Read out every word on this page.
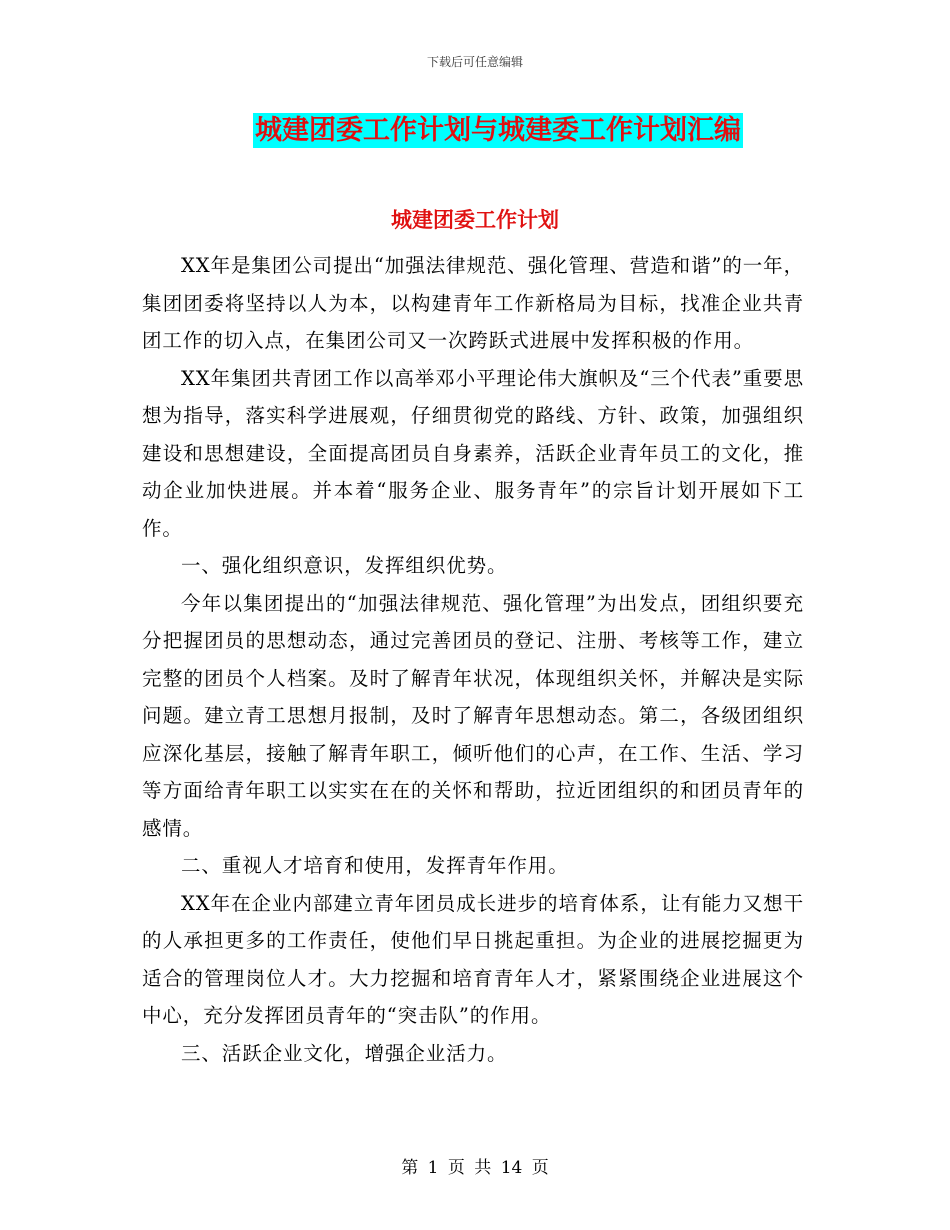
下载后可任意编辑
城建团委工作计划与城建委工作计划汇编
城建团委工作计划

XX年是集团公司提出“加强法律规范、强化管理、营造和谐”的一年，集团团委将坚持以人为本，以构建青年工作新格局为目标，找准企业共青团工作的切入点，在集团公司又一次跨跃式进展中发挥积极的作用。

XX年集团共青团工作以高举邓小平理论伟大旗帜及“三个代表”重要思想为指导，落实科学进展观，仔细贯彻党的路线、方针、政策，加强组织建设和思想建设，全面提高团员自身素养，活跃企业青年员工的文化，推动企业加快进展。并本着“服务企业、服务青年”的宗旨计划开展如下工作。

一、强化组织意识，发挥组织优势。

今年以集团提出的“加强法律规范、强化管理”为出发点，团组织要充分把握团员的思想动态，通过完善团员的登记、注册、考核等工作，建立完整的团员个人档案。及时了解青年状况，体现组织关怀，并解决是实际问题。建立青工思想月报制，及时了解青年思想动态。第二，各级团组织应深化基层，接触了解青年职工，倾听他们的心声，在工作、生活、学习等方面给青年职工以实实在在的关怀和帮助，拉近团组织的和团员青年的感情。

二、重视人才培育和使用，发挥青年作用。

XX年在企业内部建立青年团员成长进步的培育体系，让有能力又想干的人承担更多的工作责任，使他们早日挑起重担。为企业的进展挖掘更为适合的管理岗位人才。大力挖掘和培育青年人才，紧紧围绕企业进展这个中心，充分发挥团员青年的“突击队”的作用。

三、活跃企业文化，增强企业活力。

第 1 页 共 14 页
